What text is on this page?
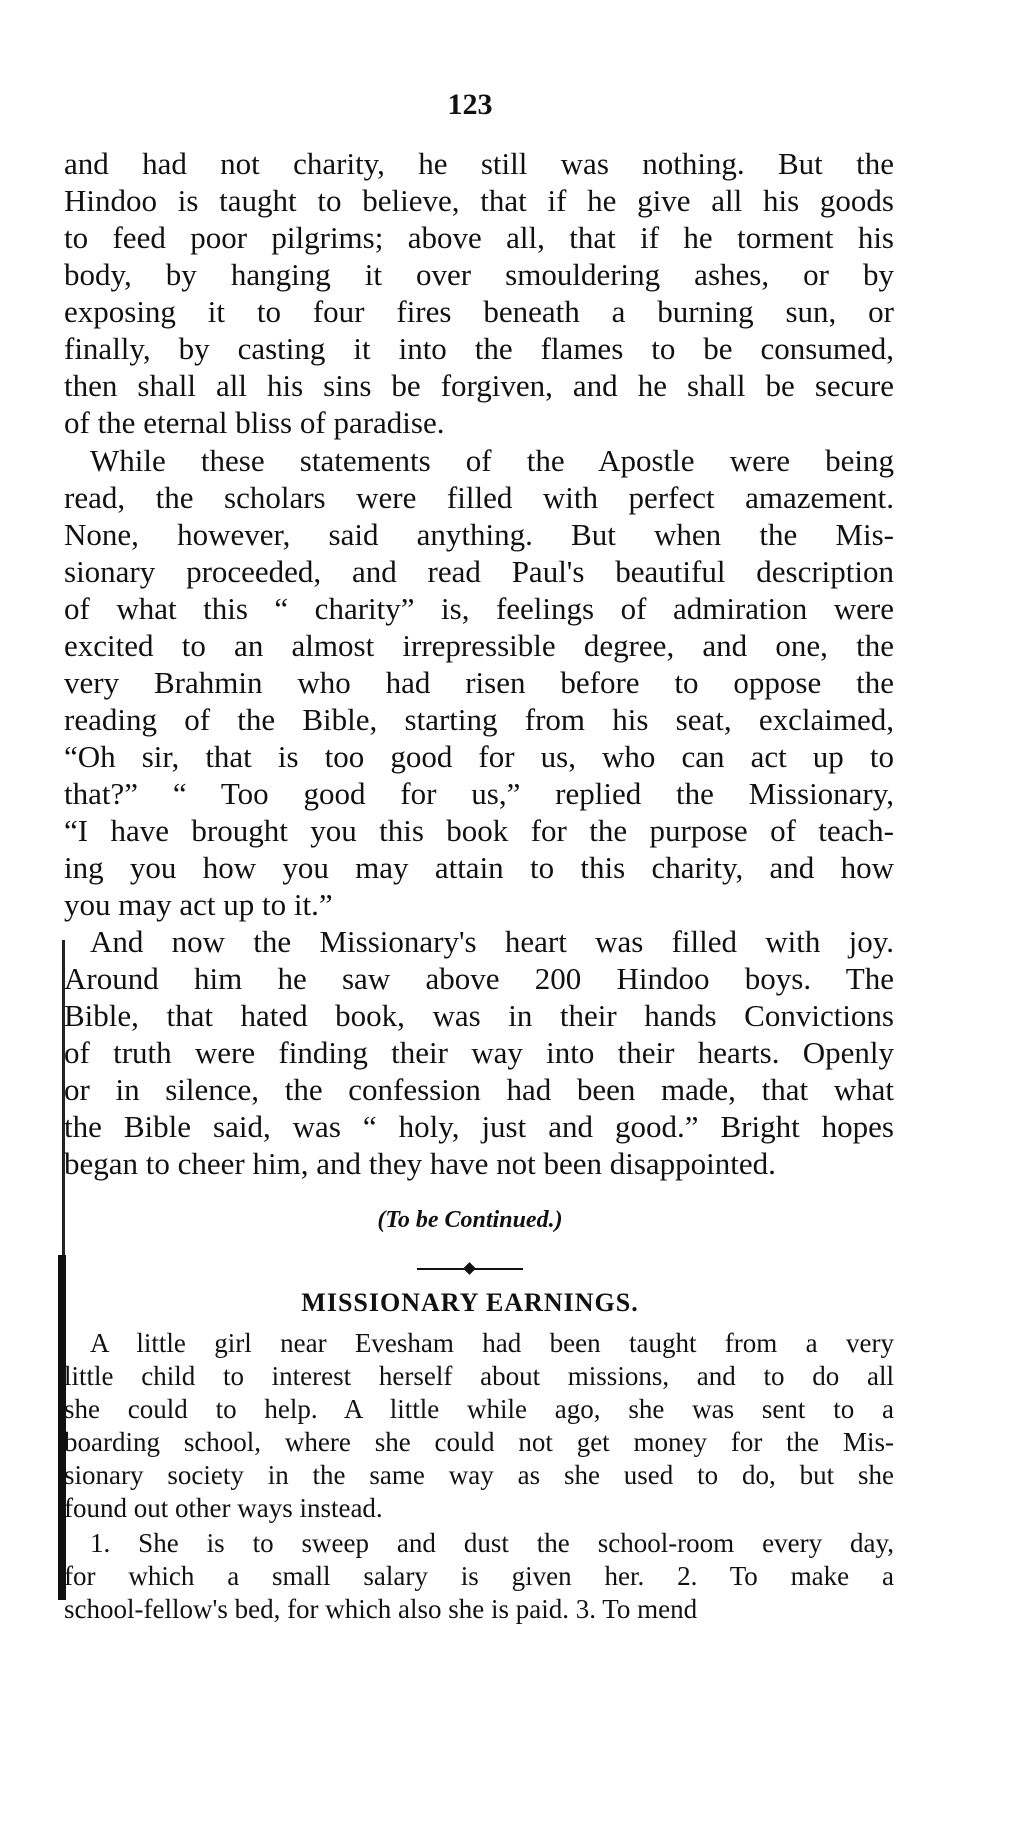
123
and had not charity, he still was nothing. But the
Hindoo is taught to believe, that if he give all his goods
to feed poor pilgrims; above all, that if he torment his
body, by hanging it over smouldering ashes, or by
exposing it to four fires beneath a burning sun, or
finally, by casting it into the flames to be consumed,
then shall all his sins be forgiven, and he shall be secure
of the eternal bliss of paradise.
While these statements of the Apostle were being
read, the scholars were filled with perfect amazement.
None, however, said anything. But when the Mis-
sionary proceeded, and read Paul's beautiful description
of what this “ charity” is, feelings of admiration were
excited to an almost irrepressible degree, and one, the
very Brahmin who had risen before to oppose the
reading of the Bible, starting from his seat, exclaimed,
“Oh sir, that is too good for us, who can act up to
that?” “ Too good for us,” replied the Missionary,
“I have brought you this book for the purpose of teach-
ing you how you may attain to this charity, and how
you may act up to it.”
And now the Missionary's heart was filled with joy.
Around him he saw above 200 Hindoo boys. The
Bible, that hated book, was in their hands Convictions
of truth were finding their way into their hearts. Openly
or in silence, the confession had been made, that what
the Bible said, was “ holy, just and good.” Bright hopes
began to cheer him, and they have not been disappointed.
(To be Continued.)
MISSIONARY EARNINGS.
A little girl near Evesham had been taught from a very
little child to interest herself about missions, and to do all
she could to help. A little while ago, she was sent to a
boarding school, where she could not get money for the Mis-
sionary society in the same way as she used to do, but she
found out other ways instead.
1. She is to sweep and dust the school-room every day,
for which a small salary is given her. 2. To make a
school-fellow's bed, for which also she is paid. 3. To mend
